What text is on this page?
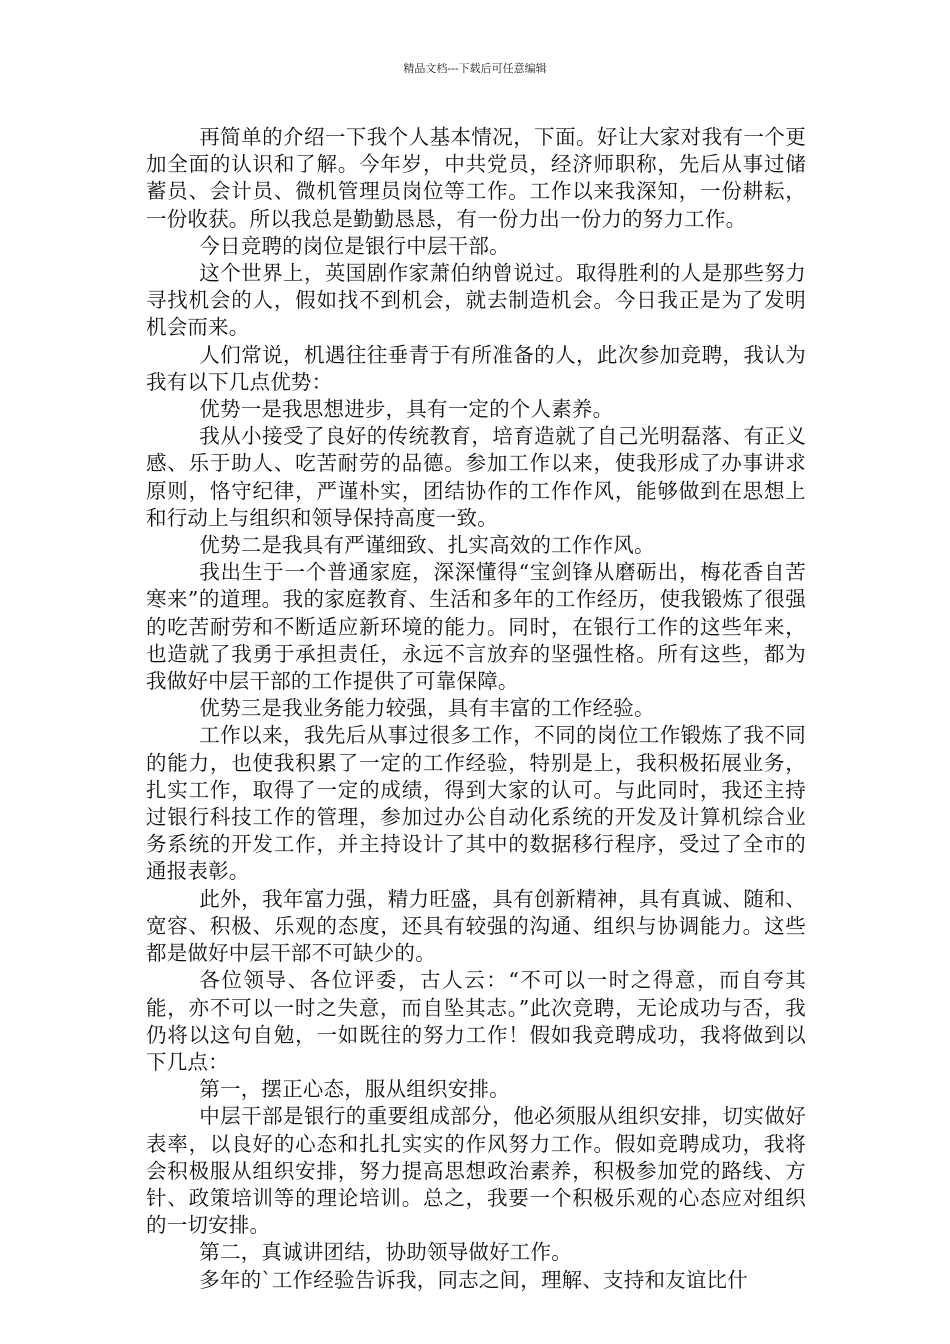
精品文档---下载后可任意编辑

再简单的介绍一下我个人基本情况，下面。好让大家对我有一个更加全面的认识和了解。今年岁，中共党员，经济师职称，先后从事过储蓄员、会计员、微机管理员岗位等工作。工作以来我深知，一份耕耘，一份收获。所以我总是勤勤恳恳，有一份力出一份力的努力工作。

今日竞聘的岗位是银行中层干部。

这个世界上，英国剧作家萧伯纳曾说过。取得胜利的人是那些努力寻找机会的人，假如找不到机会，就去制造机会。今日我正是为了发明机会而来。

人们常说，机遇往往垂青于有所准备的人，此次参加竞聘，我认为我有以下几点优势：

优势一是我思想进步，具有一定的个人素养。

我从小接受了良好的传统教育，培育造就了自己光明磊落、有正义感、乐于助人、吃苦耐劳的品德。参加工作以来，使我形成了办事讲求原则，恪守纪律，严谨朴实，团结协作的工作作风，能够做到在思想上和行动上与组织和领导保持高度一致。

优势二是我具有严谨细致、扎实高效的工作作风。

我出生于一个普通家庭，深深懂得“宝剑锋从磨砺出，梅花香自苦寒来”的道理。我的家庭教育、生活和多年的工作经历，使我锻炼了很强的吃苦耐劳和不断适应新环境的能力。同时，在银行工作的这些年来，也造就了我勇于承担责任，永远不言放弃的坚强性格。所有这些，都为我做好中层干部的工作提供了可靠保障。

优势三是我业务能力较强，具有丰富的工作经验。

工作以来，我先后从事过很多工作，不同的岗位工作锻炼了我不同的能力，也使我积累了一定的工作经验，特别是上，我积极拓展业务，扎实工作，取得了一定的成绩，得到大家的认可。与此同时，我还主持过银行科技工作的管理，参加过办公自动化系统的开发及计算机综合业务系统的开发工作，并主持设计了其中的数据移行程序，受过了全市的通报表彰。

此外，我年富力强，精力旺盛，具有创新精神，具有真诚、随和、宽容、积极、乐观的态度，还具有较强的沟通、组织与协调能力。这些都是做好中层干部不可缺少的。

各位领导、各位评委，古人云：“不可以一时之得意，而自夸其能，亦不可以一时之失意，而自坠其志。”此次竞聘，无论成功与否，我仍将以这句自勉，一如既往的努力工作！假如我竞聘成功，我将做到以下几点：

第一，摆正心态，服从组织安排。

中层干部是银行的重要组成部分，他必须服从组织安排，切实做好表率，以良好的心态和扎扎实实的作风努力工作。假如竞聘成功，我将会积极服从组织安排，努力提高思想政治素养，积极参加党的路线、方针、政策培训等的理论培训。总之，我要一个积极乐观的心态应对组织的一切安排。

第二，真诚讲团结，协助领导做好工作。

多年的`工作经验告诉我，同志之间，理解、支持和友谊比什
